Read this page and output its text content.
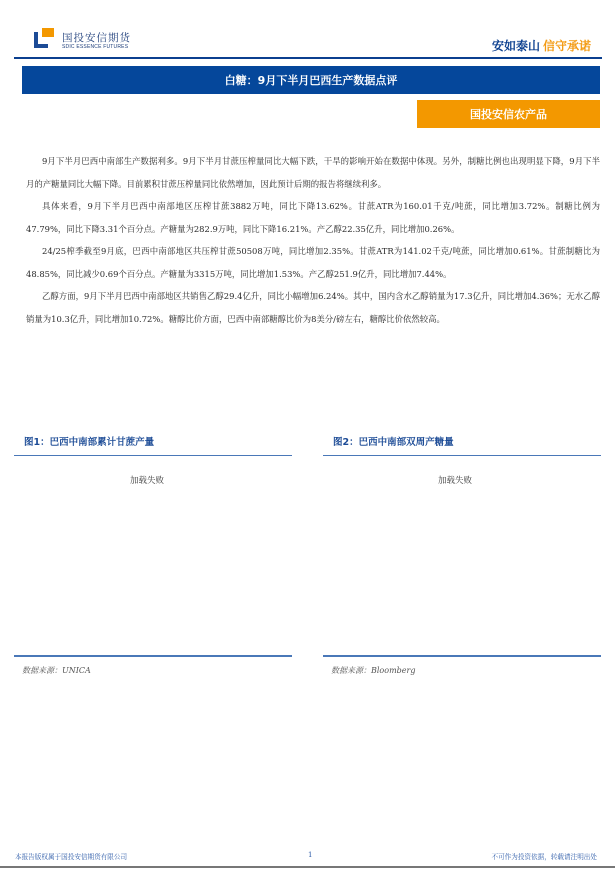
国投安信期货
SDIC ESSENCE FUTURES	安如泰山 信守承诺
白糖：9月下半月巴西生产数据点评
国投安信农产品

9月下半月巴西中南部生产数据利多。9月下半月甘蔗压榨量同比大幅下跌，干旱的影响开始在数据中体现。另外，制糖比例也出现明显下降，9月下半月的产糖量同比大幅下降。目前累积甘蔗压榨量同比依然增加，因此预计后期的报告将继续利多。

具体来看，9月下半月巴西中南部地区压榨甘蔗3882万吨，同比下降13.62%。甘蔗ATR为160.01千克/吨蔗，同比增加3.72%。制糖比例为47.79%，同比下降3.31个百分点。产糖量为282.9万吨，同比下降16.21%。产乙醇22.35亿升，同比增加0.26%。

24/25榨季截至9月底，巴西中南部地区共压榨甘蔗50508万吨，同比增加2.35%。甘蔗ATR为141.02千克/吨蔗，同比增加0.61%。甘蔗制糖比为48.85%，同比减少0.69个百分点。产糖量为3315万吨，同比增加1.53%。产乙醇251.9亿升，同比增加7.44%。

乙醇方面，9月下半月巴西中南部地区共销售乙醇29.4亿升，同比小幅增加6.24%。其中，国内含水乙醇销量为17.3亿升，同比增加4.36%；无水乙醇销量为10.3亿升，同比增加10.72%。糖醇比价方面，巴西中南部糖醇比价为8美分/磅左右，糖醇比价依然较高。

图1：巴西中南部累计甘蔗产量
加载失败
数据来源：UNICA
图2：巴西中南部双周产糖量
加载失败
数据来源：Bloomberg
本报告版权属于国投安信期货有限公司	1	不可作为投资依据，转载请注明出处
